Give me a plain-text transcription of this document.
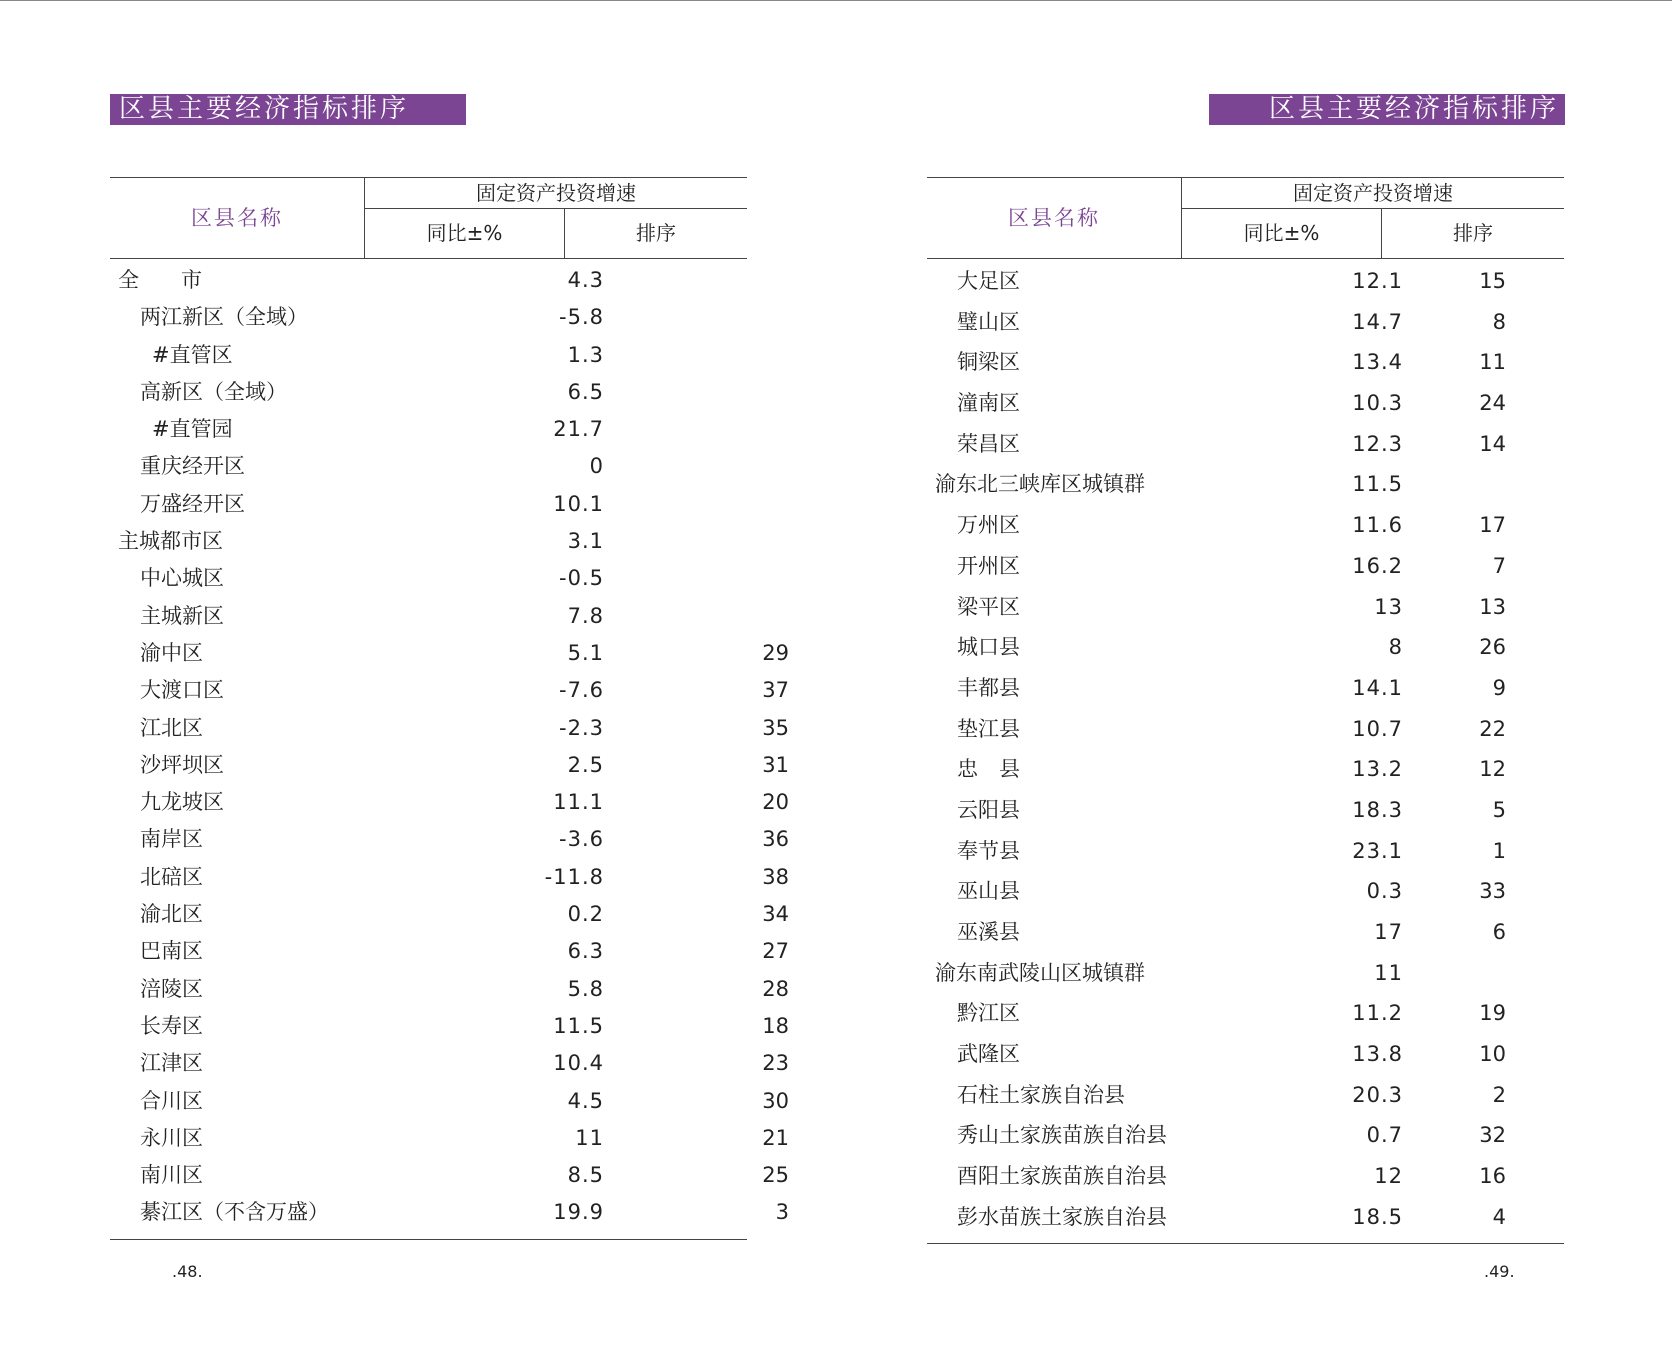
区县主要经济指标排序
区县名称
固定资产投资增速
同比±%	排序
全　　市	4.3
两江新区（全域）	-5.8
#直管区	1.3
高新区（全域）	6.5
#直管园	21.7
重庆经开区	0
万盛经开区	10.1
主城都市区	3.1
中心城区	-0.5
主城新区	7.8
渝中区	5.1	29
大渡口区	-7.6	37
江北区	-2.3	35
沙坪坝区	2.5	31
九龙坡区	11.1	20
南岸区	-3.6	36
北碚区	-11.8	38
渝北区	0.2	34
巴南区	6.3	27
涪陵区	5.8	28
长寿区	11.5	18
江津区	10.4	23
合川区	4.5	30
永川区	11	21
南川区	8.5	25
綦江区（不含万盛）	19.9	3
.48.
区县主要经济指标排序
区县名称
固定资产投资增速
同比±%	排序
大足区	12.1	15
璧山区	14.7	8
铜梁区	13.4	11
潼南区	10.3	24
荣昌区	12.3	14
渝东北三峡库区城镇群	11.5
万州区	11.6	17
开州区	16.2	7
梁平区	13	13
城口县	8	26
丰都县	14.1	9
垫江县	10.7	22
忠　县	13.2	12
云阳县	18.3	5
奉节县	23.1	1
巫山县	0.3	33
巫溪县	17	6
渝东南武陵山区城镇群	11
黔江区	11.2	19
武隆区	13.8	10
石柱土家族自治县	20.3	2
秀山土家族苗族自治县	0.7	32
酉阳土家族苗族自治县	12	16
彭水苗族土家族自治县	18.5	4
.49.
